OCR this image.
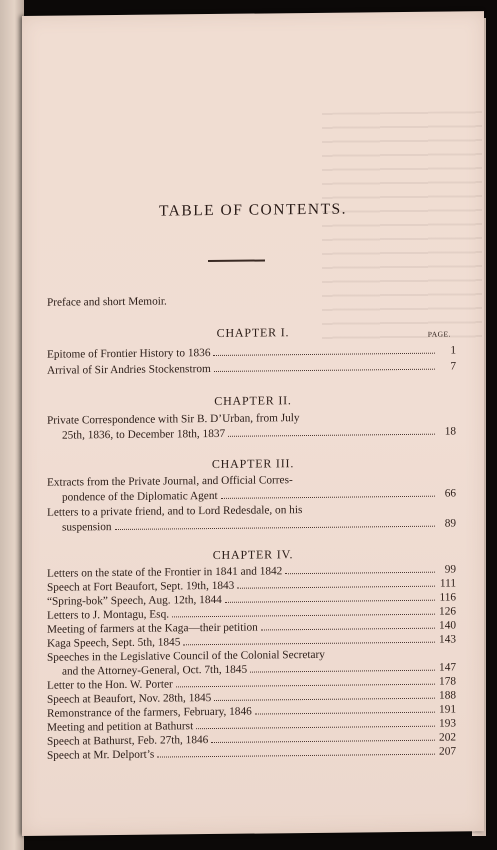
TABLE OF CONTENTS.
Preface and short Memoir.
CHAPTER I.	PAGE.
Epitome of Frontier History to 1836	1
Arrival of Sir Andries Stockenstrom	7
CHAPTER II.
Private Correspondence with Sir B. D’Urban, from July
25th, 1836, to December 18th, 1837	18
CHAPTER III.
Extracts from the Private Journal, and Official Corres-
pondence of the Diplomatic Agent	66
Letters to a private friend, and to Lord Redesdale, on his
suspension	89
CHAPTER IV.
Letters on the state of the Frontier in 1841 and 1842	99
Speech at Fort Beaufort, Sept. 19th, 1843	111
“Spring-bok” Speech, Aug. 12th, 1844	116
Letters to J. Montagu, Esq.	126
Meeting of farmers at the Kaga—their petition	140
Kaga Speech, Sept. 5th, 1845	143
Speeches in the Legislative Council of the Colonial Secretary
and the Attorney-General, Oct. 7th, 1845	147
Letter to the Hon. W. Porter	178
Speech at Beaufort, Nov. 28th, 1845	188
Remonstrance of the farmers, February, 1846	191
Meeting and petition at Bathurst	193
Speech at Bathurst, Feb. 27th, 1846	202
Speech at Mr. Delport’s	207
